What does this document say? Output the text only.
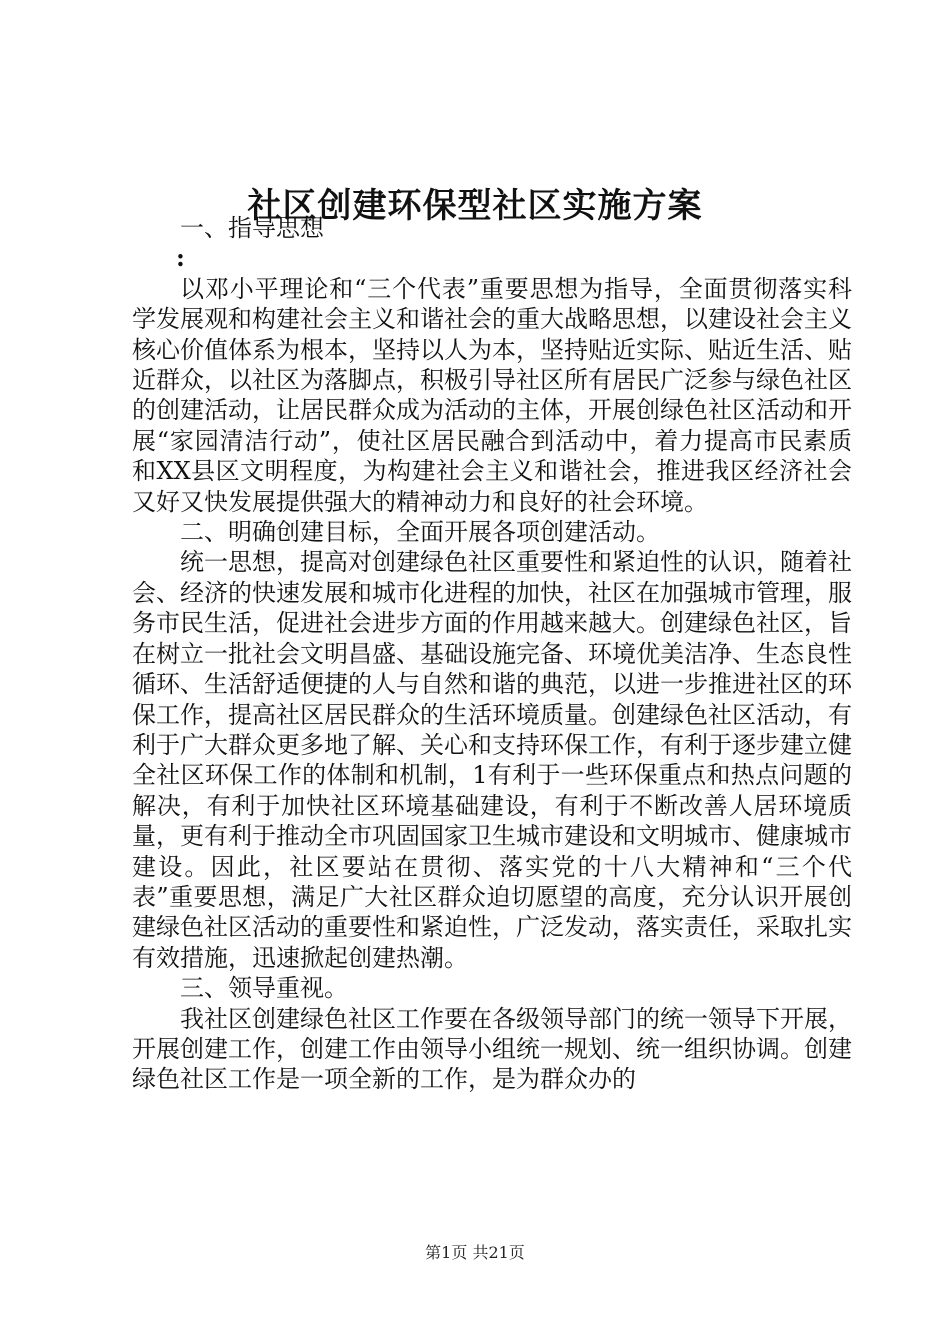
社区创建环保型社区实施方案

一、指导思想

:

以邓小平理论和“三个代表”重要思想为指导，全面贯彻落实科学发展观和构建社会主义和谐社会的重大战略思想，以建设社会主义核心价值体系为根本，坚持以人为本，坚持贴近实际、贴近生活、贴近群众，以社区为落脚点，积极引导社区所有居民广泛参与绿色社区的创建活动，让居民群众成为活动的主体，开展创绿色社区活动和开展“家园清洁行动”，使社区居民融合到活动中，着力提高市民素质和XX县区文明程度，为构建社会主义和谐社会，推进我区经济社会又好又快发展提供强大的精神动力和良好的社会环境。

二、明确创建目标，全面开展各项创建活动。

统一思想，提高对创建绿色社区重要性和紧迫性的认识，随着社会、经济的快速发展和城市化进程的加快，社区在加强城市管理，服务市民生活，促进社会进步方面的作用越来越大。创建绿色社区，旨在树立一批社会文明昌盛、基础设施完备、环境优美洁净、生态良性循环、生活舒适便捷的人与自然和谐的典范，以进一步推进社区的环保工作，提高社区居民群众的生活环境质量。创建绿色社区活动，有利于广大群众更多地了解、关心和支持环保工作，有利于逐步建立健全社区环保工作的体制和机制，1有利于一些环保重点和热点问题的解决，有利于加快社区环境基础建设，有利于不断改善人居环境质量，更有利于推动全市巩固国家卫生城市建设和文明城市、健康城市建设。因此，社区要站在贯彻、落实党的十八大精神和“三个代表”重要思想，满足广大社区群众迫切愿望的高度，充分认识开展创建绿色社区活动的重要性和紧迫性，广泛发动，落实责任，采取扎实有效措施，迅速掀起创建热潮。

三、领导重视。

我社区创建绿色社区工作要在各级领导部门的统一领导下开展，开展创建工作，创建工作由领导小组统一规划、统一组织协调。创建绿色社区工作是一项全新的工作，是为群众办的

第1页 共21页
